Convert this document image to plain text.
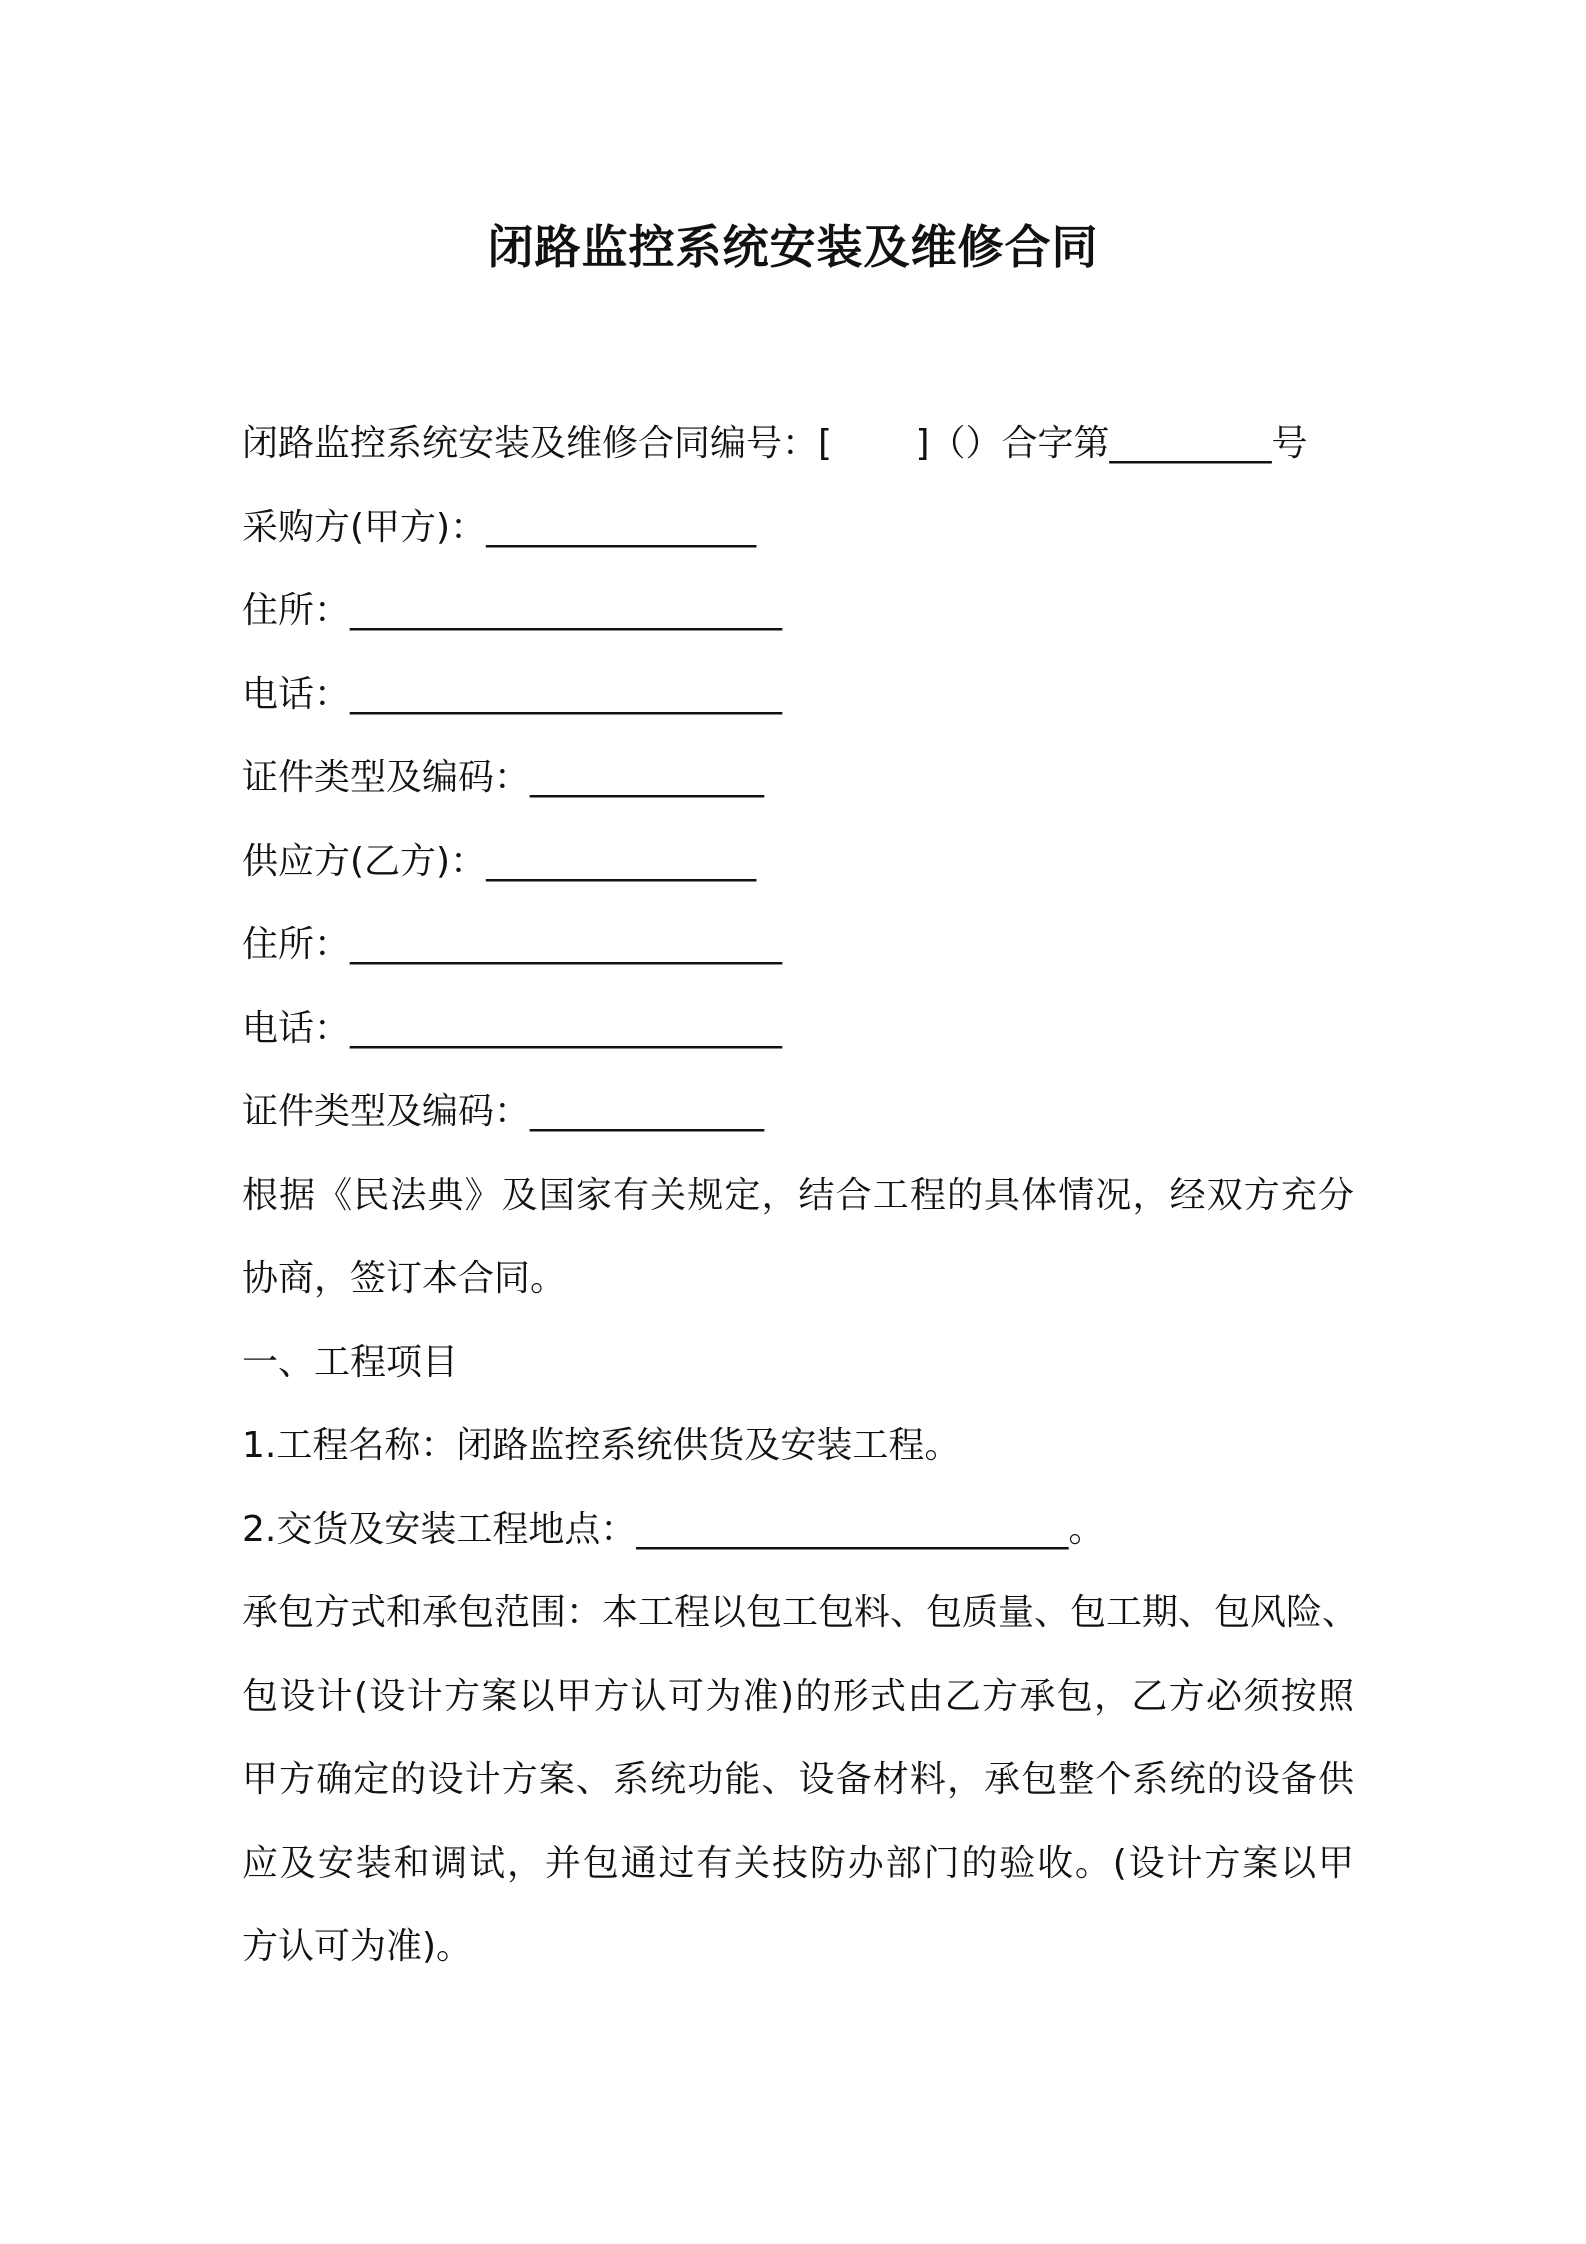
闭路监控系统安装及维修合同
闭路监控系统安装及维修合同编号：[　　 ]（）合字第_________号
采购方(甲方)：_______________
住所：________________________
电话：________________________
证件类型及编码：_____________
供应方(乙方)：_______________
住所：________________________
电话：________________________
证件类型及编码：_____________
根据《民法典》及国家有关规定，结合工程的具体情况，经双方充分
协商，签订本合同。
一、工程项目
1.工程名称：闭路监控系统供货及安装工程。
2.交货及安装工程地点：________________________。
承包方式和承包范围：本工程以包工包料、包质量、包工期、包风险、
包设计(设计方案以甲方认可为准)的形式由乙方承包，乙方必须按照
甲方确定的设计方案、系统功能、设备材料，承包整个系统的设备供
应及安装和调试，并包通过有关技防办部门的验收。(设计方案以甲
方认可为准)。
